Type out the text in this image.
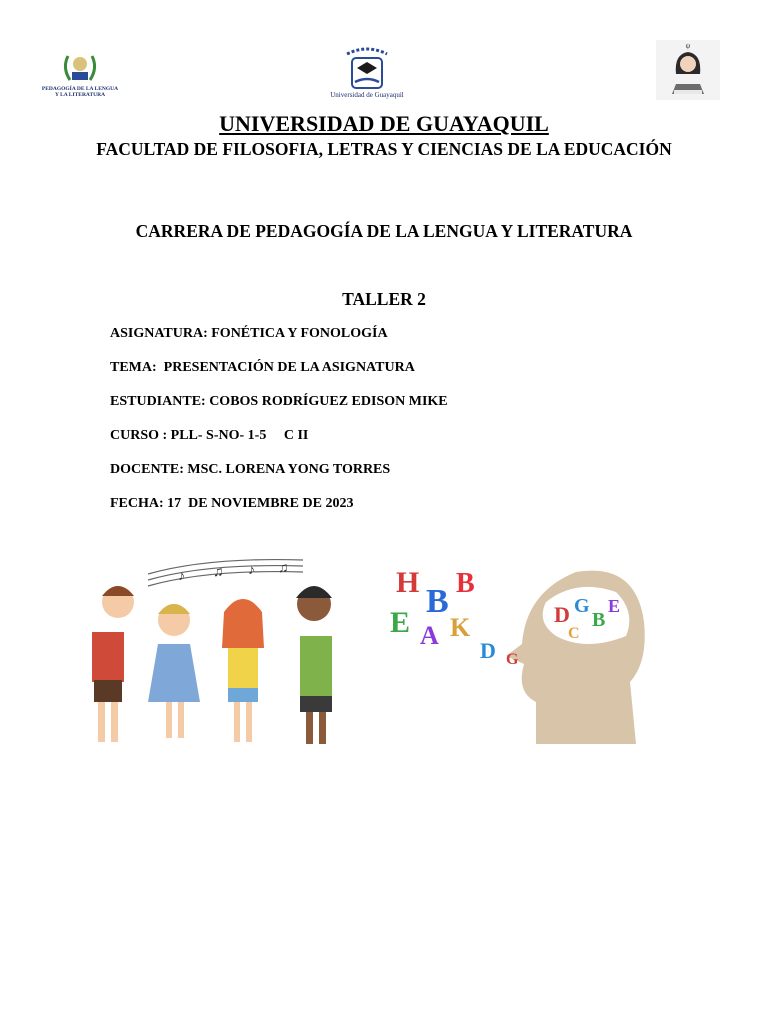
PEDAGOGÍA DE LA LENGUA
Y LA LITERATURA	Universidad de Guayaquil
ψ
UNIVERSIDAD DE GUAYAQUIL
FACULTAD DE FILOSOFIA, LETRAS Y CIENCIAS DE LA EDUCACIÓN
CARRERA DE PEDAGOGÍA DE LA LENGUA Y LITERATURA
TALLER 2
ASIGNATURA: FONÉTICA Y FONOLOGÍA
TEMA:  PRESENTACIÓN DE LA ASIGNATURA
ESTUDIANTE: COBOS RODRÍGUEZ EDISON MIKE
CURSO : PLL- S-NO- 1-5     C II
DOCENTE: MSC. LORENA YONG TORRES
FECHA: 17  DE NOVIEMBRE DE 2023
♪ ♫ ♪ ♫
D G
B
E
C
H
B B
E A K
D G
